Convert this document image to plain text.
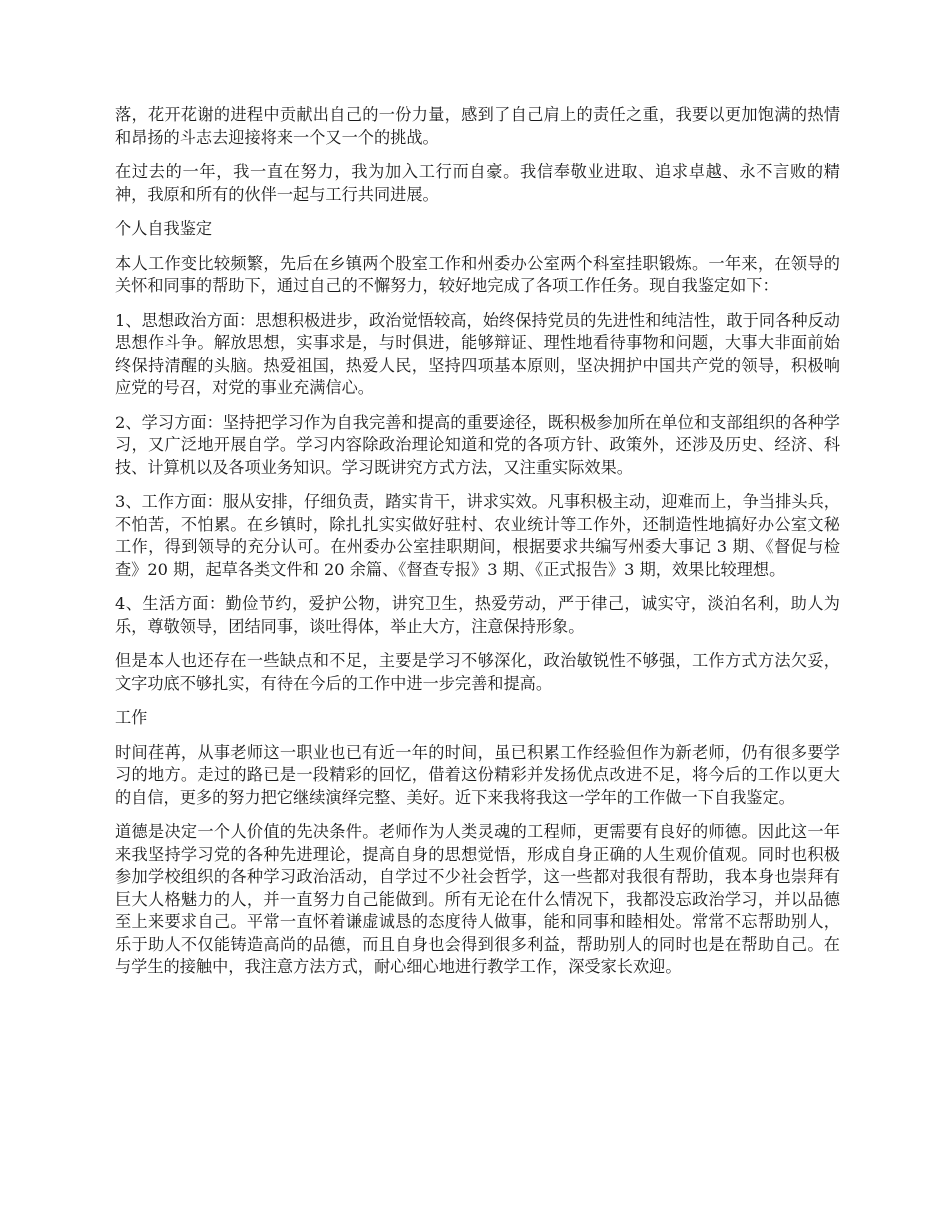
落，花开花谢的进程中贡献出自己的一份力量，感到了自己肩上的责任之重，我要以更加饱满的热情和昂扬的斗志去迎接将来一个又一个的挑战。

在过去的一年，我一直在努力，我为加入工行而自豪。我信奉敬业进取、追求卓越、永不言败的精神，我原和所有的伙伴一起与工行共同进展。

个人自我鉴定

本人工作变比较频繁，先后在乡镇两个股室工作和州委办公室两个科室挂职锻炼。一年来，在领导的关怀和同事的帮助下，通过自己的不懈努力，较好地完成了各项工作任务。现自我鉴定如下：

1、思想政治方面：思想积极进步，政治觉悟较高，始终保持党员的先进性和纯洁性，敢于同各种反动思想作斗争。解放思想，实事求是，与时俱进，能够辩证、理性地看待事物和问题，大事大非面前始终保持清醒的头脑。热爱祖国，热爱人民，坚持四项基本原则，坚决拥护中国共产党的领导，积极响应党的号召，对党的事业充满信心。

2、学习方面：坚持把学习作为自我完善和提高的重要途径，既积极参加所在单位和支部组织的各种学习，又广泛地开展自学。学习内容除政治理论知道和党的各项方针、政策外，还涉及历史、经济、科技、计算机以及各项业务知识。学习既讲究方式方法，又注重实际效果。

3、工作方面：服从安排，仔细负责，踏实肯干，讲求实效。凡事积极主动，迎难而上，争当排头兵，不怕苦，不怕累。在乡镇时，除扎扎实实做好驻村、农业统计等工作外，还制造性地搞好办公室文秘工作，得到领导的充分认可。在州委办公室挂职期间，根据要求共编写州委大事记 3 期、《督促与检查》20 期，起草各类文件和 20 余篇、《督查专报》3 期、《正式报告》3 期，效果比较理想。

4、生活方面：勤俭节约，爱护公物，讲究卫生，热爱劳动，严于律己，诚实守，淡泊名利，助人为乐，尊敬领导，团结同事，谈吐得体，举止大方，注意保持形象。

但是本人也还存在一些缺点和不足，主要是学习不够深化，政治敏锐性不够强，工作方式方法欠妥，文字功底不够扎实，有待在今后的工作中进一步完善和提高。

工作

时间荏苒，从事老师这一职业也已有近一年的时间，虽已积累工作经验但作为新老师，仍有很多要学习的地方。走过的路已是一段精彩的回忆，借着这份精彩并发扬优点改进不足，将今后的工作以更大的自信，更多的努力把它继续演绎完整、美好。近下来我将我这一学年的工作做一下自我鉴定。

道德是决定一个人价值的先决条件。老师作为人类灵魂的工程师，更需要有良好的师德。因此这一年来我坚持学习党的各种先进理论，提高自身的思想觉悟，形成自身正确的人生观价值观。同时也积极参加学校组织的各种学习政治活动，自学过不少社会哲学，这一些都对我很有帮助，我本身也崇拜有巨大人格魅力的人，并一直努力自己能做到。所有无论在什么情况下，我都没忘政治学习，并以品德至上来要求自己。平常一直怀着谦虚诚恳的态度待人做事，能和同事和睦相处。常常不忘帮助别人，乐于助人不仅能铸造高尚的品德，而且自身也会得到很多利益，帮助别人的同时也是在帮助自己。在与学生的接触中，我注意方法方式，耐心细心地进行教学工作，深受家长欢迎。
